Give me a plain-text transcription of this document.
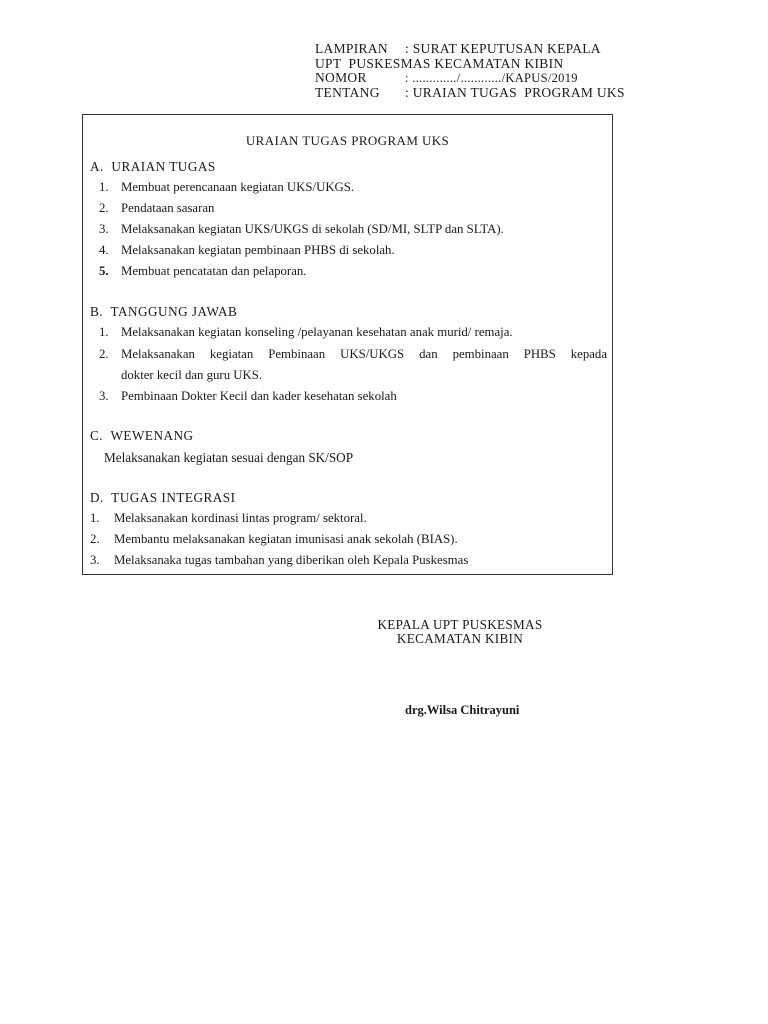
LAMPIRAN : SURAT KEPUTUSAN KEPALA
UPT  PUSKESMAS KECAMATAN KIBIN
NOMOR	: ............./............/KAPUS/2019
TENTANG : URAIAN TUGAS  PROGRAM UKS
URAIAN TUGAS PROGRAM UKS
A.  URAIAN TUGAS
1. Membuat perencanaan kegiatan UKS/UKGS.
2. Pendataan sasaran
3. Melaksanakan kegiatan UKS/UKGS di sekolah (SD/MI, SLTP dan SLTA).
4. Melaksanakan kegiatan pembinaan PHBS di sekolah.
5. Membuat pencatatan dan pelaporan.
B.  TANGGUNG JAWAB
1. Melaksanakan kegiatan konseling /pelayanan kesehatan anak murid/ remaja.
2. Melaksanakan kegiatan Pembinaan UKS/UKGS dan pembinaan PHBS kepada
dokter kecil dan guru UKS.
3. Pembinaan Dokter Kecil dan kader kesehatan sekolah
C.  WEWENANG
Melaksanakan kegiatan sesuai dengan SK/SOP
D.  TUGAS INTEGRASI
1. Melaksanakan kordinasi lintas program/ sektoral.
2. Membantu melaksanakan kegiatan imunisasi anak sekolah (BIAS).
3. Melaksanaka tugas tambahan yang diberikan oleh Kepala Puskesmas
KEPALA UPT PUSKESMAS
KECAMATAN KIBIN
drg.Wilsa Chitrayuni
